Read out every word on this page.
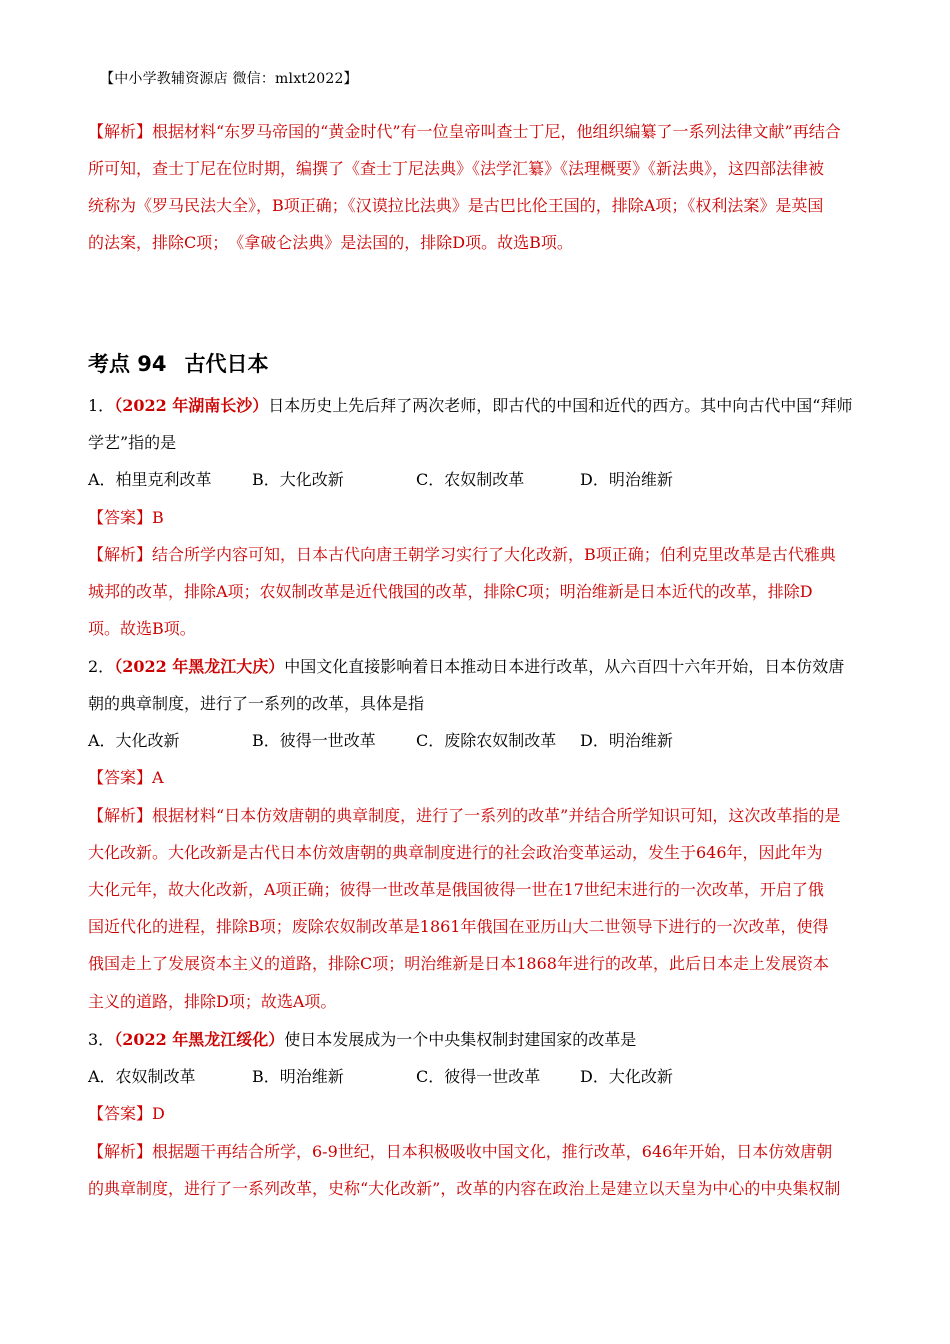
【中小学教辅资源店 微信：mlxt2022】
【解析】根据材料“东罗马帝国的“黄金时代”有一位皇帝叫查士丁尼，他组织编纂了一系列法律文献”再结合
所可知，查士丁尼在位时期，编撰了《查士丁尼法典》《法学汇纂》《法理概要》《新法典》，这四部法律被
统称为《罗马民法大全》，B项正确；《汉谟拉比法典》是古巴比伦王国的，排除A项；《权利法案》是英国
的法案，排除C项；　《拿破仑法典》是法国的，排除D项。故选B项。
考点 94 古代日本
1．（2022 年湖南长沙）日本历史上先后拜了两次老师，即古代的中国和近代的西方。其中向古代中国“拜师
学艺”指的是
A．柏里克利改革	B．大化改新	C．农奴制改革	D．明治维新
【答案】B
【解析】结合所学内容可知，日本古代向唐王朝学习实行了大化改新，B项正确；伯利克里改革是古代雅典
城邦的改革，排除A项；农奴制改革是近代俄国的改革，排除C项；明治维新是日本近代的改革，排除D
项。故选B项。
2．（2022 年黑龙江大庆）中国文化直接影响着日本推动日本进行改革，从六百四十六年开始，日本仿效唐
朝的典章制度，进行了一系列的改革，具体是指
A．大化改新	B．彼得一世改革	C．废除农奴制改革 D．明治维新
【答案】A
【解析】根据材料“日本仿效唐朝的典章制度，进行了一系列的改革”并结合所学知识可知，这次改革指的是
大化改新。大化改新是古代日本仿效唐朝的典章制度进行的社会政治变革运动，发生于646年，因此年为
大化元年，故大化改新，A项正确；彼得一世改革是俄国彼得一世在17世纪末进行的一次改革，开启了俄
国近代化的进程，排除B项；废除农奴制改革是1861年俄国在亚历山大二世领导下进行的一次改革，使得
俄国走上了发展资本主义的道路，排除C项；明治维新是日本1868年进行的改革，此后日本走上发展资本
主义的道路，排除D项；故选A项。
3．（2022 年黑龙江绥化）使日本发展成为一个中央集权制封建国家的改革是
A．农奴制改革	B．明治维新	C．彼得一世改革 D．大化改新
【答案】D
【解析】根据题干再结合所学，6-9世纪，日本积极吸收中国文化，推行改革，646年开始，日本仿效唐朝
的典章制度，进行了一系列改革，史称“大化改新”，改革的内容在政治上是建立以天皇为中心的中央集权制
